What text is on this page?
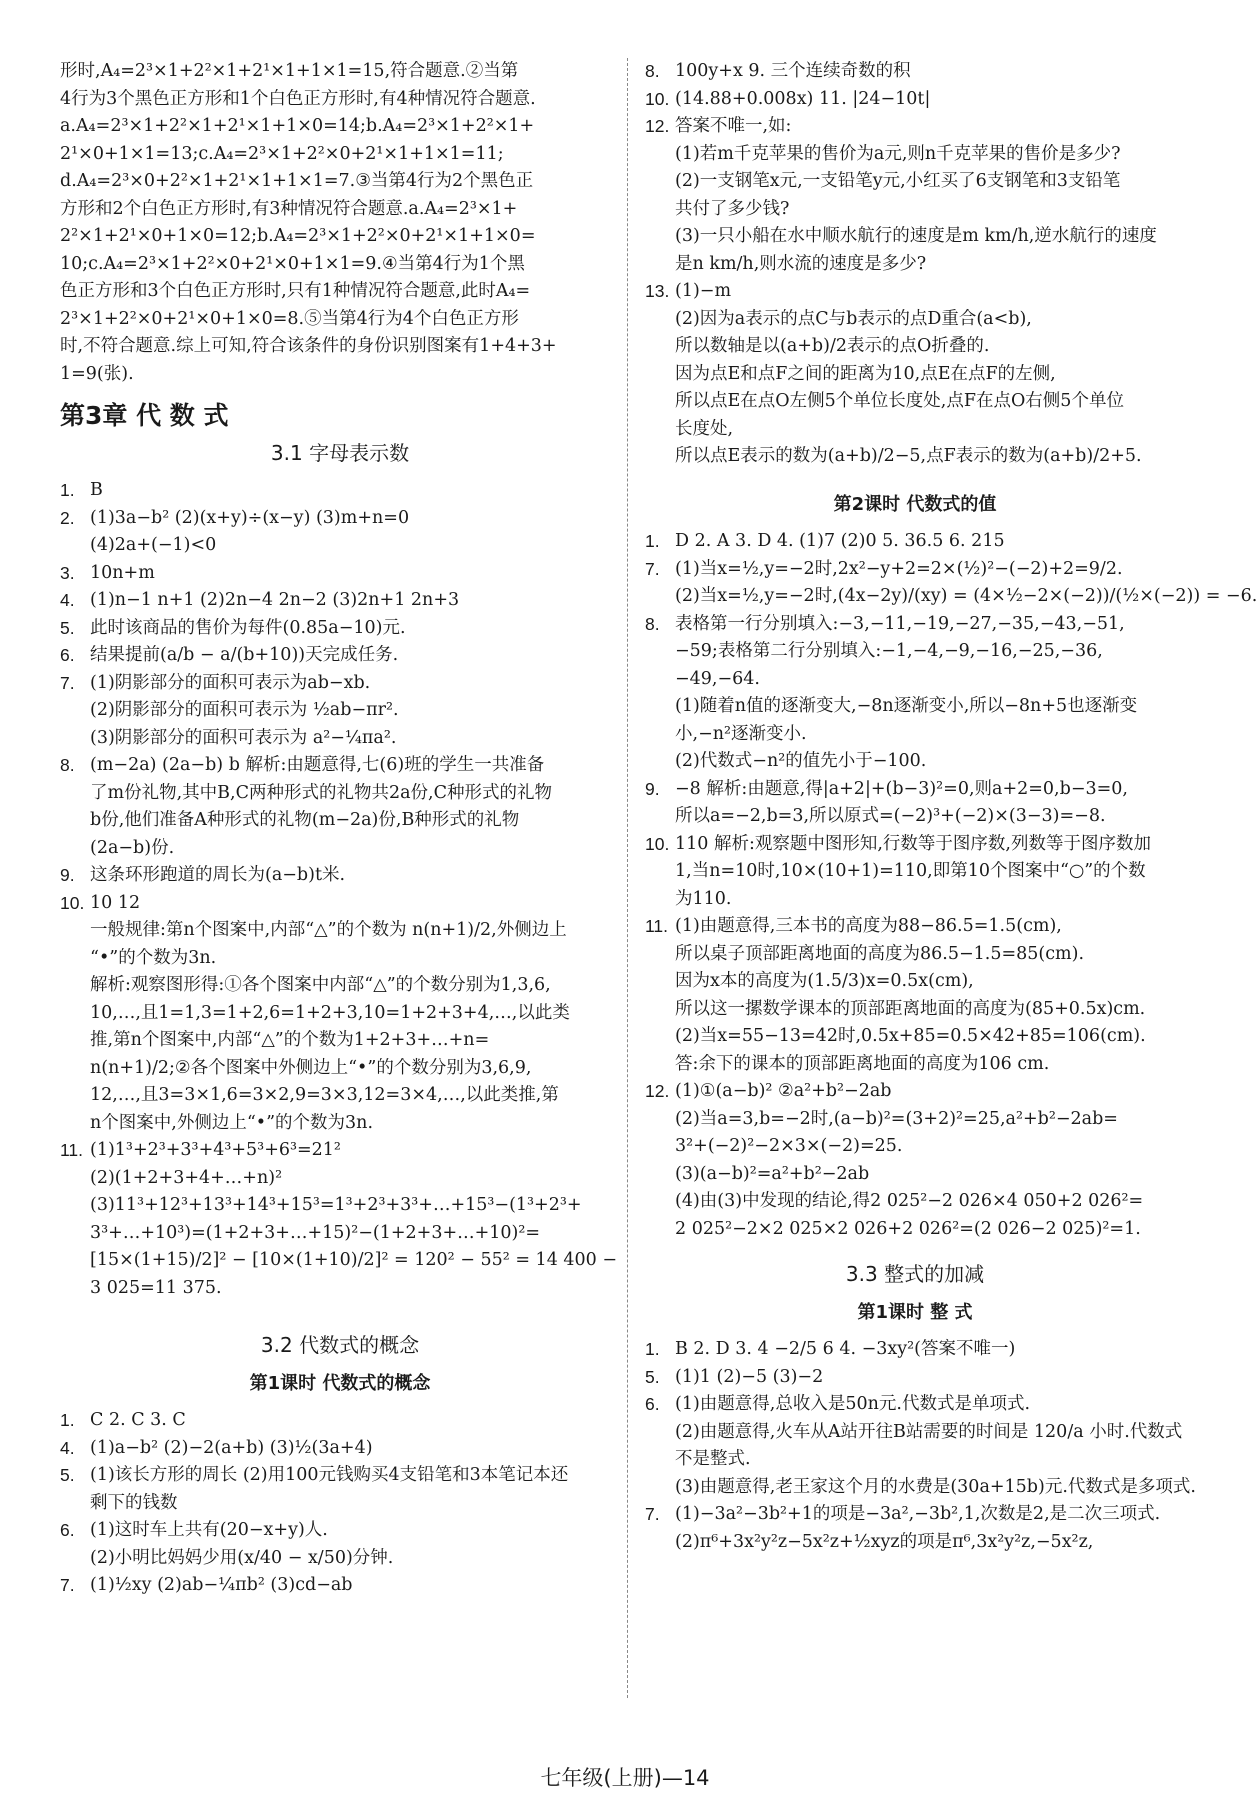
形时,A₄=2³×1+2²×1+2¹×1+1×1=15,符合题意.②当第
4行为3个黑色正方形和1个白色正方形时,有4种情况符合题意.
a.A₄=2³×1+2²×1+2¹×1+1×0=14;b.A₄=2³×1+2²×1+
2¹×0+1×1=13;c.A₄=2³×1+2²×0+2¹×1+1×1=11;
d.A₄=2³×0+2²×1+2¹×1+1×1=7.③当第4行为2个黑色正
方形和2个白色正方形时,有3种情况符合题意.a.A₄=2³×1+
2²×1+2¹×0+1×0=12;b.A₄=2³×1+2²×0+2¹×1+1×0=
10;c.A₄=2³×1+2²×0+2¹×0+1×1=9.④当第4行为1个黑
色正方形和3个白色正方形时,只有1种情况符合题意,此时A₄=
2³×1+2²×0+2¹×0+1×0=8.⑤当第4行为4个白色正方形
时,不符合题意.综上可知,符合该条件的身份识别图案有1+4+3+
1=9(张).
第3章 代 数 式
3.1 字母表示数
1. B
2. (1)3a−b² (2)(x+y)÷(x−y) (3)m+n=0
(4)2a+(−1)<0
3. 10n+m
4. (1)n−1 n+1 (2)2n−4 2n−2 (3)2n+1 2n+3
5. 此时该商品的售价为每件(0.85a−10)元.
6. 结果提前(a/b − a/(b+10))天完成任务.
7. (1)阴影部分的面积可表示为ab−xb.
(2)阴影部分的面积可表示为 ½ab−πr².
(3)阴影部分的面积可表示为 a²−¼πa².
8. (m−2a) (2a−b) b 解析:由题意得,七(6)班的学生一共准备
了m份礼物,其中B,C两种形式的礼物共2a份,C种形式的礼物
b份,他们准备A种形式的礼物(m−2a)份,B种形式的礼物
(2a−b)份.
9. 这条环形跑道的周长为(a−b)t米.
10. 10 12
一般规律:第n个图案中,内部“△”的个数为 n(n+1)/2,外侧边上
“•”的个数为3n.
解析:观察图形得:①各个图案中内部“△”的个数分别为1,3,6,
10,…,且1=1,3=1+2,6=1+2+3,10=1+2+3+4,…,以此类
推,第n个图案中,内部“△”的个数为1+2+3+…+n=
n(n+1)/2;②各个图案中外侧边上“•”的个数分别为3,6,9,
12,…,且3=3×1,6=3×2,9=3×3,12=3×4,…,以此类推,第
n个图案中,外侧边上“•”的个数为3n.
11. (1)1³+2³+3³+4³+5³+6³=21²
(2)(1+2+3+4+…+n)²
(3)11³+12³+13³+14³+15³=1³+2³+3³+…+15³−(1³+2³+
3³+…+10³)=(1+2+3+…+15)²−(1+2+3+…+10)²=
[15×(1+15)/2]² − [10×(1+10)/2]² = 120² − 55² = 14 400 −
3 025=11 375.
3.2 代数式的概念
第1课时 代数式的概念
1. C 2. C 3. C
4. (1)a−b² (2)−2(a+b) (3)½(3a+4)
5. (1)该长方形的周长 (2)用100元钱购买4支铅笔和3本笔记本还
剩下的钱数
6. (1)这时车上共有(20−x+y)人.
(2)小明比妈妈少用(x/40 − x/50)分钟.
7. (1)½xy (2)ab−¼πb² (3)cd−ab
8. 100y+x 9. 三个连续奇数的积
10. (14.88+0.008x) 11. |24−10t|
12. 答案不唯一,如:
(1)若m千克苹果的售价为a元,则n千克苹果的售价是多少?
(2)一支钢笔x元,一支铅笔y元,小红买了6支钢笔和3支铅笔
共付了多少钱?
(3)一只小船在水中顺水航行的速度是m km/h,逆水航行的速度
是n km/h,则水流的速度是多少?
13. (1)−m
(2)因为a表示的点C与b表示的点D重合(a<b),
所以数轴是以(a+b)/2表示的点O折叠的.
因为点E和点F之间的距离为10,点E在点F的左侧,
所以点E在点O左侧5个单位长度处,点F在点O右侧5个单位
长度处,
所以点E表示的数为(a+b)/2−5,点F表示的数为(a+b)/2+5.
第2课时 代数式的值
1. D 2. A 3. D 4. (1)7 (2)0 5. 36.5 6. 215
7. (1)当x=½,y=−2时,2x²−y+2=2×(½)²−(−2)+2=9/2.
(2)当x=½,y=−2时,(4x−2y)/(xy) = (4×½−2×(−2))/(½×(−2)) = −6.
8. 表格第一行分别填入:−3,−11,−19,−27,−35,−43,−51,
−59;表格第二行分别填入:−1,−4,−9,−16,−25,−36,
−49,−64.
(1)随着n值的逐渐变大,−8n逐渐变小,所以−8n+5也逐渐变
小,−n²逐渐变小.
(2)代数式−n²的值先小于−100.
9. −8 解析:由题意,得|a+2|+(b−3)²=0,则a+2=0,b−3=0,
所以a=−2,b=3,所以原式=(−2)³+(−2)×(3−3)=−8.
10. 110 解析:观察题中图形知,行数等于图序数,列数等于图序数加
1,当n=10时,10×(10+1)=110,即第10个图案中“○”的个数
为110.
11. (1)由题意得,三本书的高度为88−86.5=1.5(cm),
所以桌子顶部距离地面的高度为86.5−1.5=85(cm).
因为x本的高度为(1.5/3)x=0.5x(cm),
所以这一摞数学课本的顶部距离地面的高度为(85+0.5x)cm.
(2)当x=55−13=42时,0.5x+85=0.5×42+85=106(cm).
答:余下的课本的顶部距离地面的高度为106 cm.
12. (1)①(a−b)² ②a²+b²−2ab
(2)当a=3,b=−2时,(a−b)²=(3+2)²=25,a²+b²−2ab=
3²+(−2)²−2×3×(−2)=25.
(3)(a−b)²=a²+b²−2ab
(4)由(3)中发现的结论,得2 025²−2 026×4 050+2 026²=
2 025²−2×2 025×2 026+2 026²=(2 026−2 025)²=1.
3.3 整式的加减
第1课时 整 式
1. B 2. D 3. 4 −2/5 6 4. −3xy²(答案不唯一)
5. (1)1 (2)−5 (3)−2
6. (1)由题意得,总收入是50n元.代数式是单项式.
(2)由题意得,火车从A站开往B站需要的时间是 120/a 小时.代数式
不是整式.
(3)由题意得,老王家这个月的水费是(30a+15b)元.代数式是多项式.
7. (1)−3a²−3b²+1的项是−3a²,−3b²,1,次数是2,是二次三项式.
(2)π⁶+3x²y²z−5x²z+½xyz的项是π⁶,3x²y²z,−5x²z,
七年级(上册)—14
